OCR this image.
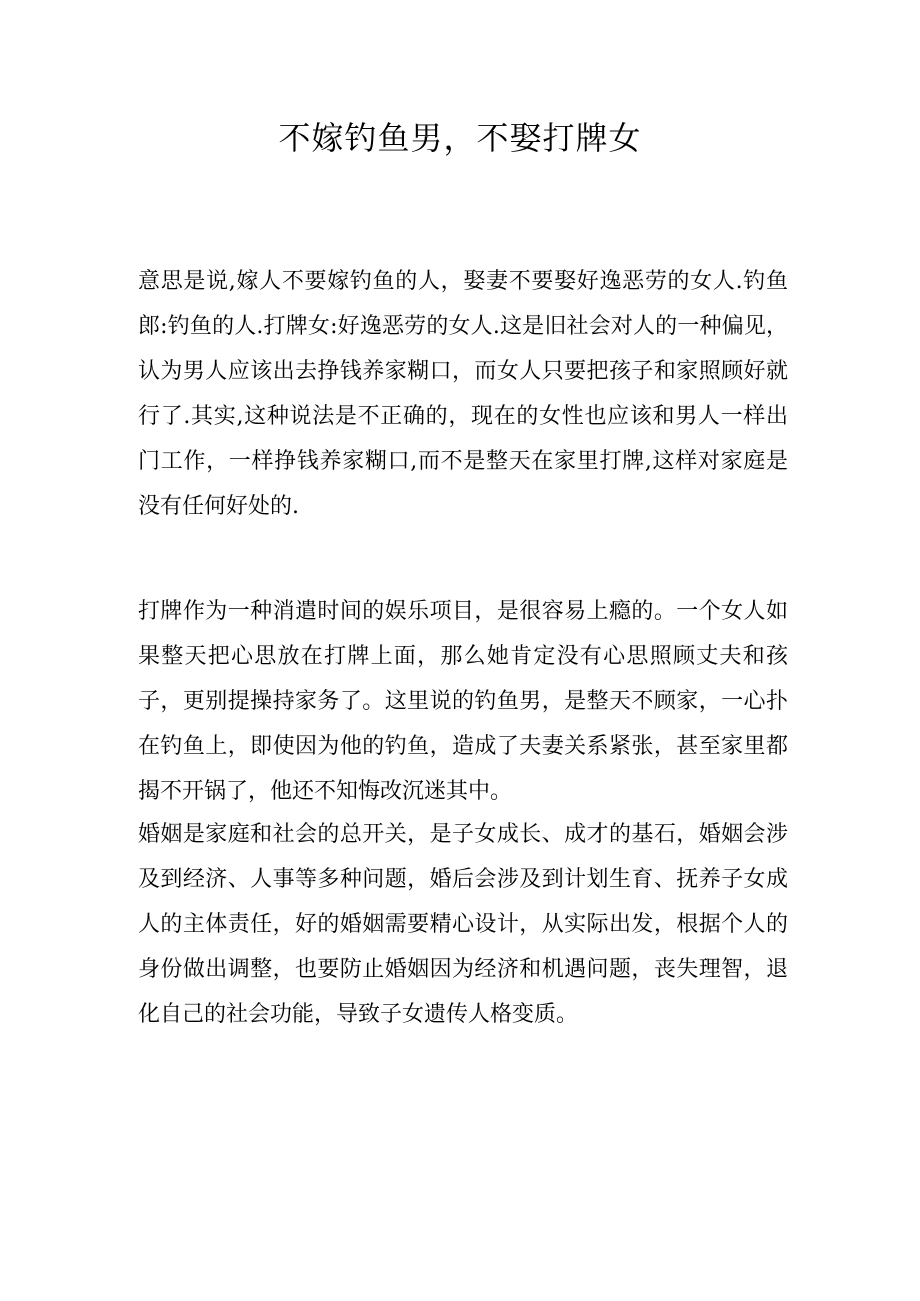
不嫁钓鱼男，不娶打牌女

意思是说,嫁人不要嫁钓鱼的人，娶妻不要娶好逸恶劳的女人.钓鱼郎:钓鱼的人.打牌女:好逸恶劳的女人.这是旧社会对人的一种偏见，认为男人应该出去挣钱养家糊口，而女人只要把孩子和家照顾好就行了.其实,这种说法是不正确的，现在的女性也应该和男人一样出门工作，一样挣钱养家糊口,而不是整天在家里打牌,这样对家庭是没有任何好处的.

打牌作为一种消遣时间的娱乐项目，是很容易上瘾的。一个女人如果整天把心思放在打牌上面，那么她肯定没有心思照顾丈夫和孩子，更别提操持家务了。这里说的钓鱼男，是整天不顾家，一心扑在钓鱼上，即使因为他的钓鱼，造成了夫妻关系紧张，甚至家里都揭不开锅了，他还不知悔改沉迷其中。

婚姻是家庭和社会的总开关，是子女成长、成才的基石，婚姻会涉及到经济、人事等多种问题，婚后会涉及到计划生育、抚养子女成人的主体责任，好的婚姻需要精心设计，从实际出发，根据个人的身份做出调整，也要防止婚姻因为经济和机遇问题，丧失理智，退化自己的社会功能，导致子女遗传人格变质。
